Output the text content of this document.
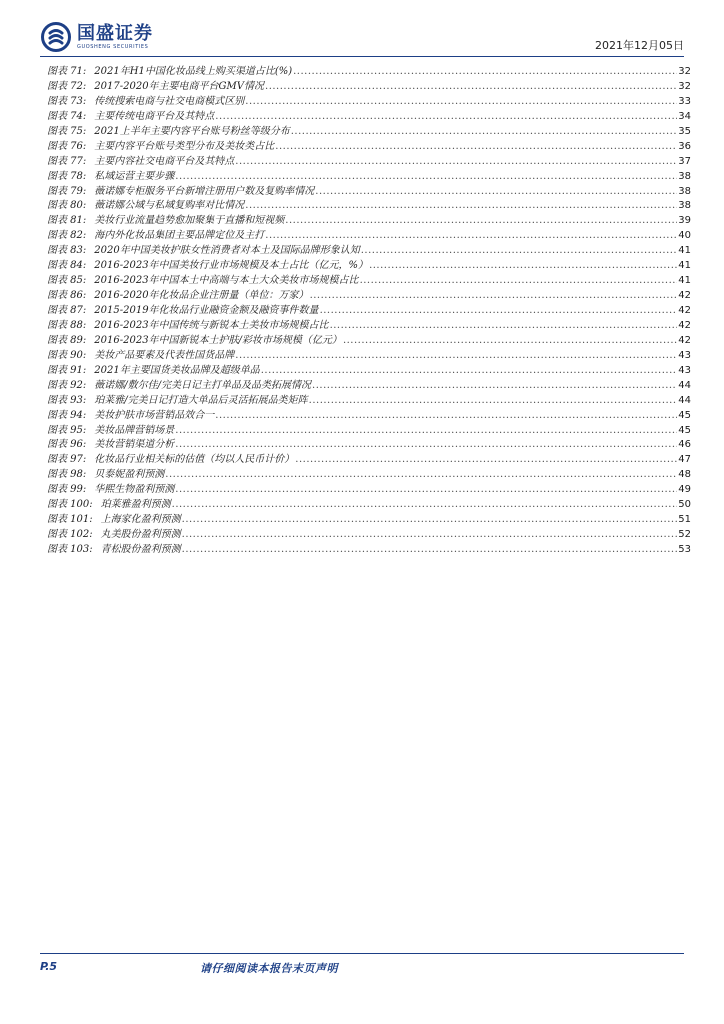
国盛证券
GUOSHENG SECURITIES	2021年12月05日
图表 71: 2021年H1中国化妆品线上购买渠道占比(%) .....	32
图表 72: 2017-2020年主要电商平台GMV情况 .....	32
图表 73: 传统搜索电商与社交电商模式区别 .....	33
图表 74: 主要传统电商平台及其特点 .....	34
图表 75: 2021上半年主要内容平台账号粉丝等级分布 .....	35
图表 76: 主要内容平台账号类型分布及美妆类占比 .....	36
图表 77: 主要内容社交电商平台及其特点 .....	37
图表 78: 私域运营主要步骤 .....	38
图表 79: 薇诺娜专柜服务平台新增注册用户数及复购率情况 .....	38
图表 80: 薇诺娜公域与私域复购率对比情况 .....	38
图表 81: 美妆行业流量趋势愈加聚集于直播和短视频 .....	39
图表 82: 海内外化妆品集团主要品牌定位及主打 .....	40
图表 83: 2020年中国美妆护肤女性消费者对本土及国际品牌形象认知 .....	41
图表 84: 2016-2023年中国美妆行业市场规模及本土占比（亿元，%） .....	41
图表 85: 2016-2023年中国本土中高端与本土大众美妆市场规模占比 .....	41
图表 86: 2016-2020年化妆品企业注册量（单位：万家） .....	42
图表 87: 2015-2019年化妆品行业融资金额及融资事件数量 .....	42
图表 88: 2016-2023年中国传统与新锐本土美妆市场规模占比 .....	42
图表 89: 2016-2023年中国新锐本土护肤/彩妆市场规模（亿元） .....	42
图表 90: 美妆产品要素及代表性国货品牌 .....	43
图表 91: 2021年主要国货美妆品牌及超级单品 .....	43
图表 92: 薇诺娜/敷尔佳/完美日记主打单品及品类拓展情况 .....	44
图表 93: 珀莱雅/完美日记打造大单品后灵活拓展品类矩阵 .....	44
图表 94: 美妆护肤市场营销品效合一 .....	45
图表 95: 美妆品牌营销场景 .....	45
图表 96: 美妆营销渠道分析 .....	46
图表 97: 化妆品行业相关标的估值（均以人民币计价） .....	47
图表 98: 贝泰妮盈利预测 .....	48
图表 99: 华熙生物盈利预测 .....	49
图表 100: 珀莱雅盈利预测 .....	50
图表 101: 上海家化盈利预测 .....	51
图表 102: 丸美股份盈利预测 .....	52
图表 103: 青松股份盈利预测 .....	53
P.5	请仔细阅读本报告末页声明
